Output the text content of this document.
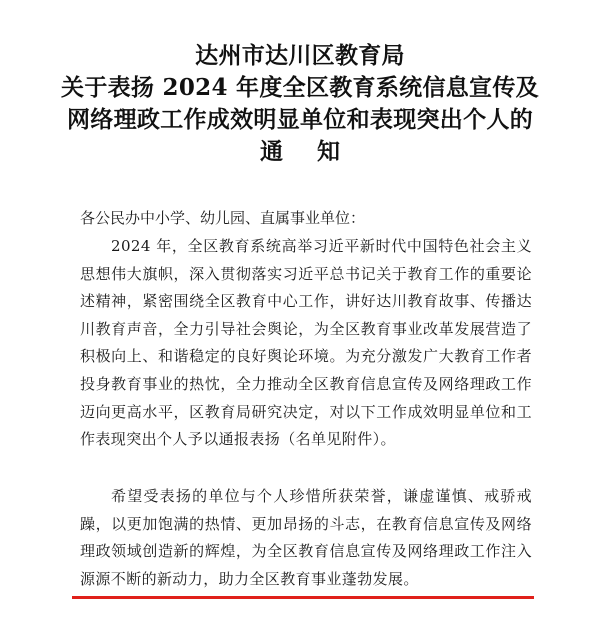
达州市达川区教育局
关于表扬 2024 年度全区教育系统信息宣传及
网络理政工作成效明显单位和表现突出个人的
通知
各公民办中小学、幼儿园、直属事业单位：

2024 年，全区教育系统高举习近平新时代中国特色社会主义思想伟大旗帜，深入贯彻落实习近平总书记关于教育工作的重要论述精神，紧密围绕全区教育中心工作，讲好达川教育故事、传播达川教育声音，全力引导社会舆论，为全区教育事业改革发展营造了积极向上、和谐稳定的良好舆论环境。为充分激发广大教育工作者投身教育事业的热忱，全力推动全区教育信息宣传及网络理政工作迈向更高水平，区教育局研究决定，对以下工作成效明显单位和工作表现突出个人予以通报表扬（名单见附件）。

希望受表扬的单位与个人珍惜所获荣誉，谦虚谨慎、戒骄戒躁，以更加饱满的热情、更加昂扬的斗志，在教育信息宣传及网络理政领域创造新的辉煌，为全区教育信息宣传及网络理政工作注入源源不断的新动力，助力全区教育事业蓬勃发展。
